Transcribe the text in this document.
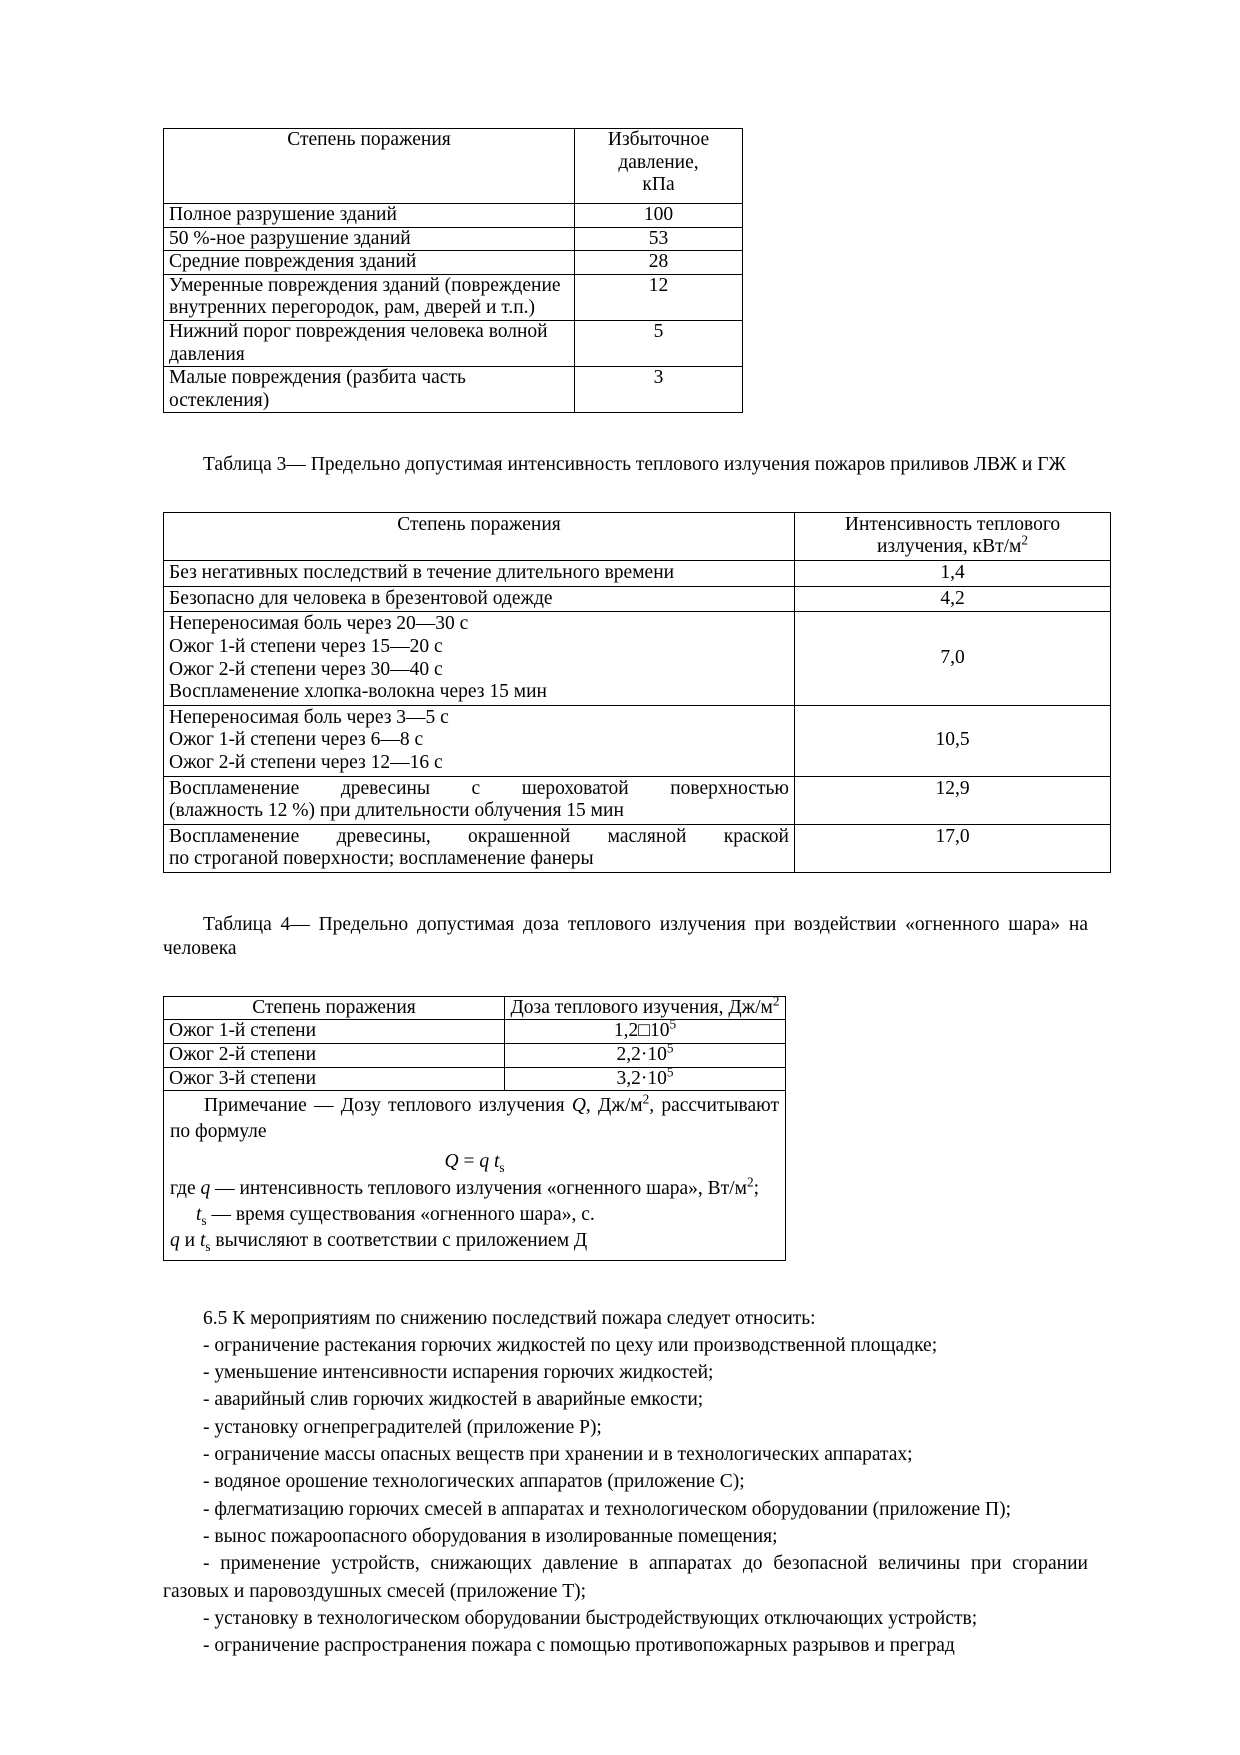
Степень поражения	Избыточное
давление,
кПа

Полное разрушение зданий	100
50 %-ное разрушение зданий	53
Средние повреждения зданий	28
Умеренные повреждения зданий (повреждение внутренних перегородок, рам, дверей и т.п.)	12
Нижний порог повреждения человека волной давления	5
Малые повреждения (разбита часть остекления)	3

Таблица 3— Предельно допустимая интенсивность теплового излучения пожаров приливов ЛВЖ и ГЖ

Степень поражения	Интенсивность теплового
излучения, кВт/$м^2$

Без негативных последствий в течение длительного времени	1,4
Безопасно для человека в брезентовой одежде	4,2

Непереносимая боль через 20—30 с
Ожог 1-й степени через 15—20 с
Ожог 2-й степени через 30—40 с
Воспламенение хлопка-волокна через 15 мин	7,0

Непереносимая боль через 3—5 с
Ожог 1-й степени через 6—8 с
Ожог 2-й степени через 12—16 с	10,5

Воспламенение древесины с шероховатой поверхностью
(влажность 12 %) при длительности облучения 15 мин	12,9

Воспламенение древесины, окрашенной масляной краской
по строганой поверхности; воспламенение фанеры	17,0

Таблица 4— Предельно допустимая доза теплового излучения при воздействии «огненного шара» на человека

Степень поражения	Доза теплового изучения, $Дж/м^2$
Ожог 1-й степени	$1,2□10^5$
Ожог 2-й степени	$2,2\cdot 10^5$
Ожог 3-й степени	$3,2\cdot 10^5$

Примечание — Дозу теплового излучения Q, $Дж/м^2$, рассчитывают по формуле

Q = q $t_s$

где q — интенсивность теплового излучения «огненного шара», $Вт/м^2$;

$t_s$ — время существования «огненного шара», с.

q и $t_s$ вычисляют в соответствии с приложением Д	

6.5 К мероприятиям по снижению последствий пожара следует относить:

- ограничение растекания горючих жидкостей по цеху или производственной площадке;

- уменьшение интенсивности испарения горючих жидкостей;

- аварийный слив горючих жидкостей в аварийные емкости;

- установку огнепреградителей (приложение Р);

- ограничение массы опасных веществ при хранении и в технологических аппаратах;

- водяное орошение технологических аппаратов (приложение С);

- флегматизацию горючих смесей в аппаратах и технологическом оборудовании (приложение П);

- вынос пожароопасного оборудования в изолированные помещения;

- применение устройств, снижающих давление в аппаратах до безопасной величины при сгорании газовых и паровоздушных смесей (приложение Т);

- установку в технологическом оборудовании быстродействующих отключающих устройств;

- ограничение распространения пожара с помощью противопожарных разрывов и преград
